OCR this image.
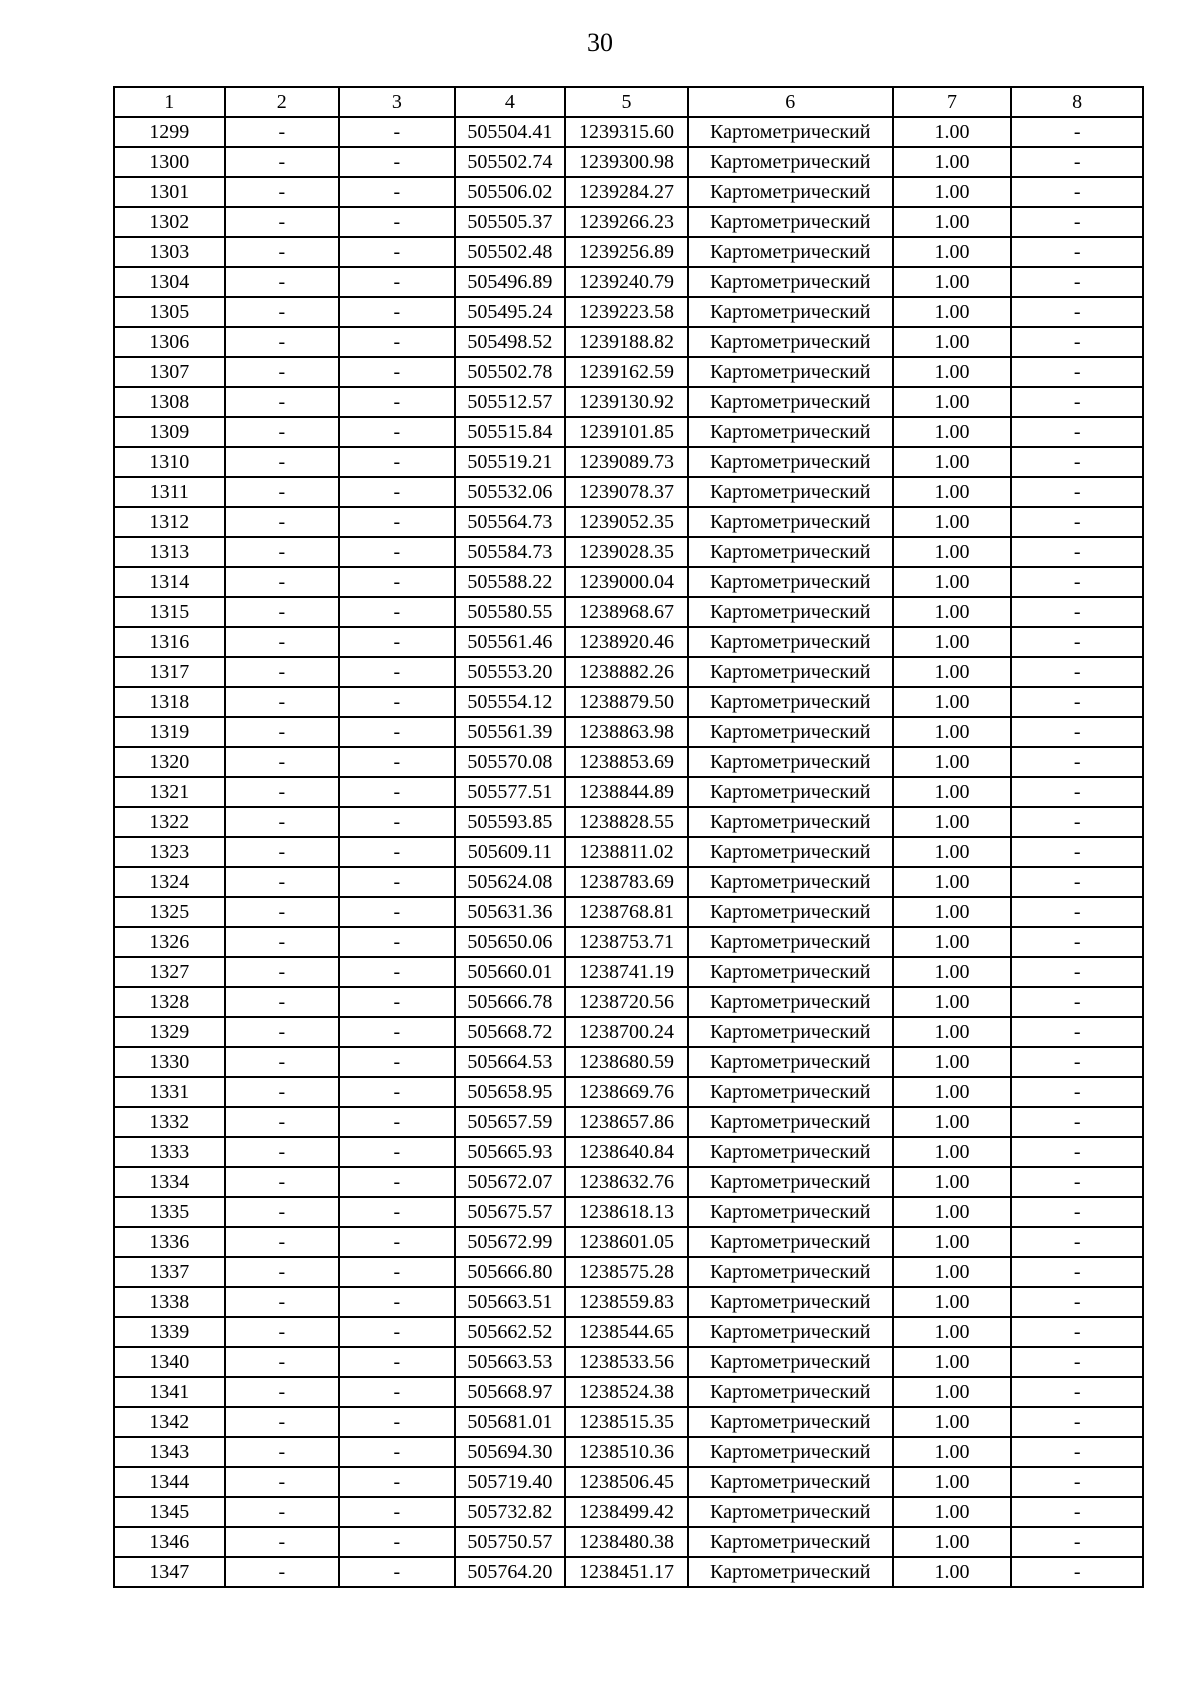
30
1	2	3	4	5	6	7	8
1299	-	-	505504.41	1239315.60	Картометрический	1.00	-
1300	-	-	505502.74	1239300.98	Картометрический	1.00	-
1301	-	-	505506.02	1239284.27	Картометрический	1.00	-
1302	-	-	505505.37	1239266.23	Картометрический	1.00	-
1303	-	-	505502.48	1239256.89	Картометрический	1.00	-
1304	-	-	505496.89	1239240.79	Картометрический	1.00	-
1305	-	-	505495.24	1239223.58	Картометрический	1.00	-
1306	-	-	505498.52	1239188.82	Картометрический	1.00	-
1307	-	-	505502.78	1239162.59	Картометрический	1.00	-
1308	-	-	505512.57	1239130.92	Картометрический	1.00	-
1309	-	-	505515.84	1239101.85	Картометрический	1.00	-
1310	-	-	505519.21	1239089.73	Картометрический	1.00	-
1311	-	-	505532.06	1239078.37	Картометрический	1.00	-
1312	-	-	505564.73	1239052.35	Картометрический	1.00	-
1313	-	-	505584.73	1239028.35	Картометрический	1.00	-
1314	-	-	505588.22	1239000.04	Картометрический	1.00	-
1315	-	-	505580.55	1238968.67	Картометрический	1.00	-
1316	-	-	505561.46	1238920.46	Картометрический	1.00	-
1317	-	-	505553.20	1238882.26	Картометрический	1.00	-
1318	-	-	505554.12	1238879.50	Картометрический	1.00	-
1319	-	-	505561.39	1238863.98	Картометрический	1.00	-
1320	-	-	505570.08	1238853.69	Картометрический	1.00	-
1321	-	-	505577.51	1238844.89	Картометрический	1.00	-
1322	-	-	505593.85	1238828.55	Картометрический	1.00	-
1323	-	-	505609.11	1238811.02	Картометрический	1.00	-
1324	-	-	505624.08	1238783.69	Картометрический	1.00	-
1325	-	-	505631.36	1238768.81	Картометрический	1.00	-
1326	-	-	505650.06	1238753.71	Картометрический	1.00	-
1327	-	-	505660.01	1238741.19	Картометрический	1.00	-
1328	-	-	505666.78	1238720.56	Картометрический	1.00	-
1329	-	-	505668.72	1238700.24	Картометрический	1.00	-
1330	-	-	505664.53	1238680.59	Картометрический	1.00	-
1331	-	-	505658.95	1238669.76	Картометрический	1.00	-
1332	-	-	505657.59	1238657.86	Картометрический	1.00	-
1333	-	-	505665.93	1238640.84	Картометрический	1.00	-
1334	-	-	505672.07	1238632.76	Картометрический	1.00	-
1335	-	-	505675.57	1238618.13	Картометрический	1.00	-
1336	-	-	505672.99	1238601.05	Картометрический	1.00	-
1337	-	-	505666.80	1238575.28	Картометрический	1.00	-
1338	-	-	505663.51	1238559.83	Картометрический	1.00	-
1339	-	-	505662.52	1238544.65	Картометрический	1.00	-
1340	-	-	505663.53	1238533.56	Картометрический	1.00	-
1341	-	-	505668.97	1238524.38	Картометрический	1.00	-
1342	-	-	505681.01	1238515.35	Картометрический	1.00	-
1343	-	-	505694.30	1238510.36	Картометрический	1.00	-
1344	-	-	505719.40	1238506.45	Картометрический	1.00	-
1345	-	-	505732.82	1238499.42	Картометрический	1.00	-
1346	-	-	505750.57	1238480.38	Картометрический	1.00	-
1347	-	-	505764.20	1238451.17	Картометрический	1.00	-
